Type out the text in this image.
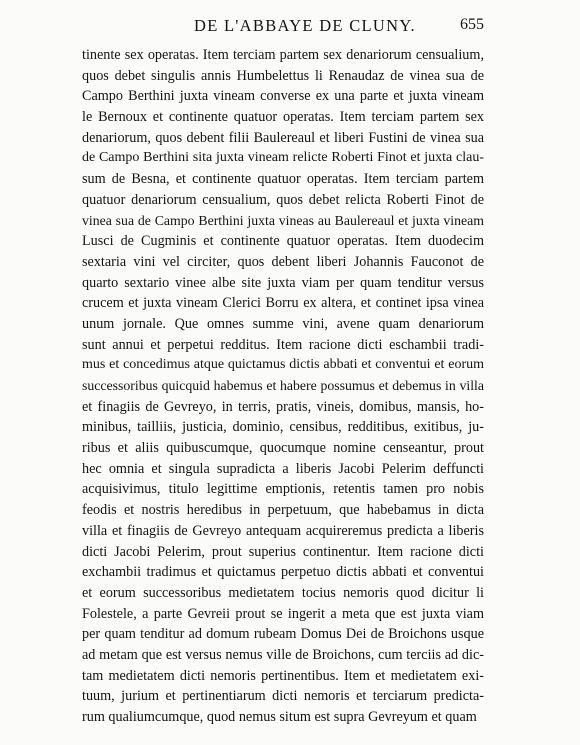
DE L'ABBAYE DE CLUNY.	655
tinente sex operatas. Item terciam partem sex denariorum censualium,
quos debet singulis annis Humbelettus li Renaudaz de vinea sua de
Campo Berthini juxta vineam converse ex una parte et juxta vineam
le Bernoux et continente quatuor operatas. Item terciam partem sex
denariorum, quos debent filii Baulereaul et liberi Fustini de vinea sua
de Campo Berthini sita juxta vineam relicte Roberti Finot et juxta clau-
sum de Besna, et continente quatuor operatas. Item terciam partem
quatuor denariorum censualium, quos debet relicta Roberti Finot de
vinea sua de Campo Berthini juxta vineas au Baulereaul et juxta vineam
Lusci de Cugminis et continente quatuor operatas. Item duodecim
sextaria vini vel circiter, quos debent liberi Johannis Fauconot de
quarto sextario vinee albe site juxta viam per quam tenditur versus
crucem et juxta vineam Clerici Borru ex altera, et continet ipsa vinea
unum jornale. Que omnes summe vini, avene quam denariorum
sunt annui et perpetui redditus. Item racione dicti eschambii tradi-
mus et concedimus atque quictamus dictis abbati et conventui et eorum
successoribus quicquid habemus et habere possumus et debemus in villa
et finagiis de Gevreyo, in terris, pratis, vineis, domibus, mansis, ho-
minibus, tailliis, justicia, dominio, censibus, redditibus, exitibus, ju-
ribus et aliis quibuscumque, quocumque nomine censeantur, prout
hec omnia et singula supradicta a liberis Jacobi Pelerim deffuncti
acquisivimus, titulo legittime emptionis, retentis tamen pro nobis
feodis et nostris heredibus in perpetuum, que habebamus in dicta
villa et finagiis de Gevreyo antequam acquireremus predicta a liberis
dicti Jacobi Pelerim, prout superius continentur. Item racione dicti
exchambii tradimus et quictamus perpetuo dictis abbati et conventui
et eorum successoribus medietatem tocius nemoris quod dicitur li
Folestele, a parte Gevreii prout se ingerit a meta que est juxta viam
per quam tenditur ad domum rubeam Domus Dei de Broichons usque
ad metam que est versus nemus ville de Broichons, cum terciis ad dic-
tam medietatem dicti nemoris pertinentibus. Item et medietatem exi-
tuum, jurium et pertinentiarum dicti nemoris et terciarum predicta-
rum qualiumcumque, quod nemus situm est supra Gevreyum et quam
